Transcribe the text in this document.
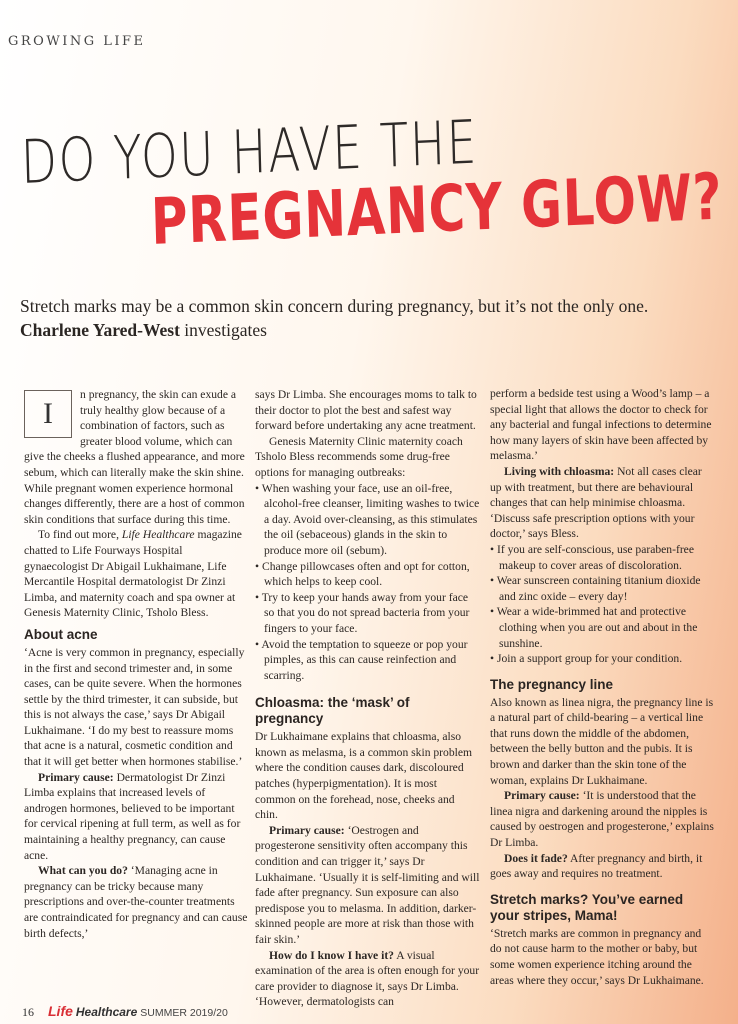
GROWING LIFE
DO YOU HAVE THE
PREGNANCY GLOW?
Stretch marks may be a common skin concern during pregnancy, but it’s not the only one. Charlene Yared-West investigates

I
n pregnancy, the skin can exude a truly healthy glow because of a combination of factors, such as greater blood volume, which can give the cheeks a flushed appearance, and more sebum, which can literally make the skin shine. While pregnant women experience hormonal changes differently, there are a host of common skin conditions that surface during this time.

To find out more, Life Healthcare magazine chatted to Life Fourways Hospital gynaecologist Dr Abigail Lukhaimane, Life Mercantile Hospital dermatologist Dr Zinzi Limba, and maternity coach and spa owner at Genesis Maternity Clinic, Tsholo Bless.

About acne

‘Acne is very common in pregnancy, especially in the first and second trimester and, in some cases, can be quite severe. When the hormones settle by the third trimester, it can subside, but this is not always the case,’ says Dr Abigail Lukhaimane. ‘I do my best to reassure moms that acne is a natural, cosmetic condition and that it will get better when hormones stabilise.’

Primary cause: Dermatologist Dr Zinzi Limba explains that increased levels of androgen hormones, believed to be important for cervical ripening at full term, as well as for maintaining a healthy pregnancy, can cause acne.

What can you do? ‘Managing acne in pregnancy can be tricky because many prescriptions and over-the-counter treatments are contraindicated for pregnancy and can cause birth defects,’

says Dr Limba. She encourages moms to talk to their doctor to plot the best and safest way forward before undertaking any acne treatment.

Genesis Maternity Clinic maternity coach Tsholo Bless recommends some drug-free options for managing outbreaks:

• When washing your face, use an oil-free, alcohol-free cleanser, limiting washes to twice a day. Avoid over-cleansing, as this stimulates the oil (sebaceous) glands in the skin to produce more oil (sebum).
• Change pillowcases often and opt for cotton, which helps to keep cool.
• Try to keep your hands away from your face so that you do not spread bacteria from your fingers to your face.
• Avoid the temptation to squeeze or pop your pimples, as this can cause reinfection and scarring.
Chloasma: the ‘mask’ of pregnancy

Dr Lukhaimane explains that chloasma, also known as melasma, is a common skin problem where the condition causes dark, discoloured patches (hyperpigmentation). It is most common on the forehead, nose, cheeks and chin.

Primary cause: ‘Oestrogen and progesterone sensitivity often accompany this condition and can trigger it,’ says Dr Lukhaimane. ‘Usually it is self-limiting and will fade after pregnancy. Sun exposure can also predispose you to melasma. In addition, darker-skinned people are more at risk than those with fair skin.’

How do I know I have it? A visual examination of the area is often enough for your care provider to diagnose it, says Dr Limba. ‘However, dermatologists can

perform a bedside test using a Wood’s lamp – a special light that allows the doctor to check for any bacterial and fungal infections to determine how many layers of skin have been affected by melasma.’

Living with chloasma: Not all cases clear up with treatment, but there are behavioural changes that can help minimise chloasma. ‘Discuss safe prescription options with your doctor,’ says Bless.

• If you are self-conscious, use paraben-free makeup to cover areas of discoloration.
• Wear sunscreen containing titanium dioxide and zinc oxide – every day!
• Wear a wide-brimmed hat and protective clothing when you are out and about in the sunshine.
• Join a support group for your condition.
The pregnancy line

Also known as linea nigra, the pregnancy line is a natural part of child-bearing – a vertical line that runs down the middle of the abdomen, between the belly button and the pubis. It is brown and darker than the skin tone of the woman, explains Dr Lukhaimane.

Primary cause: ‘It is understood that the linea nigra and darkening around the nipples is caused by oestrogen and progesterone,’ explains Dr Limba.

Does it fade? After pregnancy and birth, it goes away and requires no treatment.

Stretch marks? You’ve earned your stripes, Mama!

‘Stretch marks are common in pregnancy and do not cause harm to the mother or baby, but some women experience itching around the areas where they occur,’ says Dr Lukhaimane.

16 Life Healthcare SUMMER 2019/20
